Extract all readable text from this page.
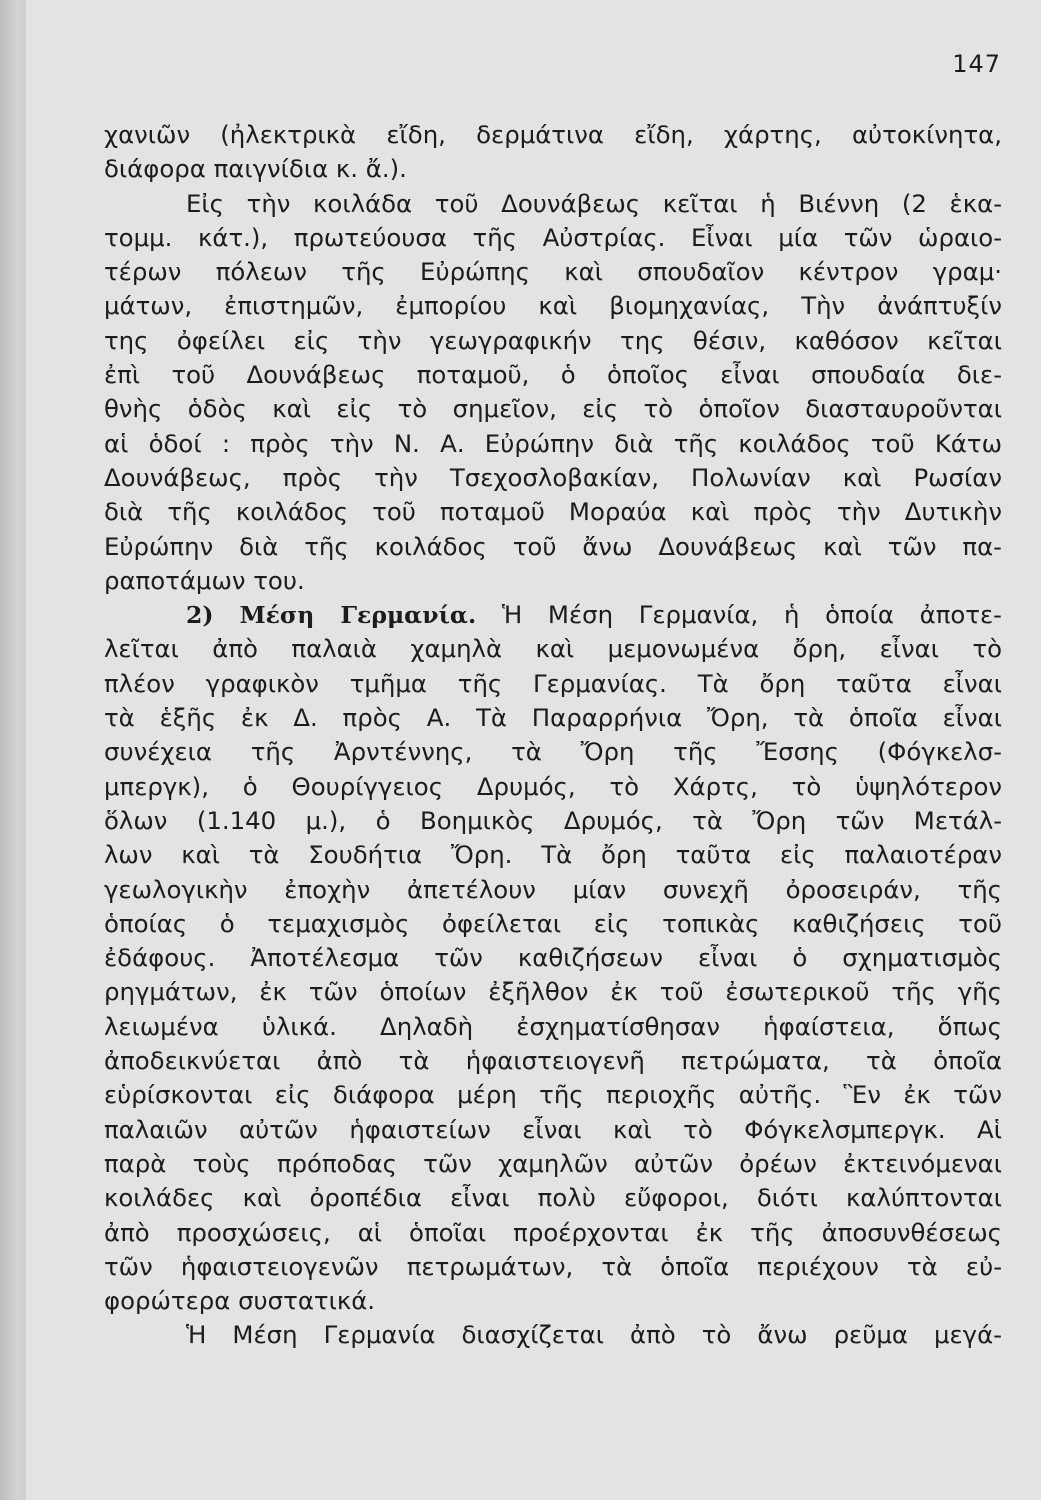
147
χανιῶν (ἠλεκτρικὰ εἴδη, δερμάτινα εἴδη, χάρτης, αὐτοκίνητα,
διάφορα παιγνίδια κ. ἄ.).
Εἰς τὴν κοιλάδα τοῦ Δουνάβεως κεῖται ἡ Βιέννη (2 ἑκα-
τομμ. κάτ.), πρωτεύουσα τῆς Αὐστρίας. Εἶναι μία τῶν ὡραιο-
τέρων πόλεων τῆς Εὐρώπης καὶ σπουδαῖον κέντρον γραμ·
μάτων, ἐπιστημῶν, ἐμπορίου καὶ βιομηχανίας, Τὴν ἀνάπτυξίν
της ὀφείλει εἰς τὴν γεωγραφικήν της θέσιν, καθόσον κεῖται
ἐπὶ τοῦ Δουνάβεως ποταμοῦ, ὁ ὁποῖος εἶναι σπουδαία διε-
θνὴς ὁδὸς καὶ εἰς τὸ σημεῖον, εἰς τὸ ὁποῖον διασταυροῦνται
αἱ ὁδοί : πρὸς τὴν Ν. Α. Εὐρώπην διὰ τῆς κοιλάδος τοῦ Κάτω
Δουνάβεως, πρὸς τὴν Τσεχοσλοβακίαν, Πολωνίαν καὶ Ρωσίαν
διὰ τῆς κοιλάδος τοῦ ποταμοῦ Μοραύα καὶ πρὸς τὴν Δυτικὴν
Εὐρώπην διὰ τῆς κοιλάδος τοῦ ἄνω Δουνάβεως καὶ τῶν πα-
ραποτάμων του.
2) Μέση Γερμανία. Ἡ Μέση Γερμανία, ἡ ὁποία ἀποτε-
λεῖται ἀπὸ παλαιὰ χαμηλὰ καὶ μεμονωμένα ὄρη, εἶναι τὸ
πλέον γραφικὸν τμῆμα τῆς Γερμανίας. Τὰ ὄρη ταῦτα εἶναι
τὰ ἑξῆς ἐκ Δ. πρὸς Α. Τὰ Παραρρήνια Ὄρη, τὰ ὁποῖα εἶναι
συνέχεια τῆς Ἀρντέννης, τὰ Ὄρη τῆς Ἔσσης (Φόγκελσ-
μπεργκ), ὁ Θουρίγγειος Δρυμός, τὸ Χάρτς, τὸ ὑψηλότερον
ὅλων (1.140 μ.), ὁ Βοημικὸς Δρυμός, τὰ Ὄρη τῶν Μετάλ-
λων καὶ τὰ Σουδήτια Ὄρη. Τὰ ὄρη ταῦτα εἰς παλαιοτέραν
γεωλογικὴν ἐποχὴν ἀπετέλουν μίαν συνεχῆ ὀροσειράν, τῆς
ὁποίας ὁ τεμαχισμὸς ὀφείλεται εἰς τοπικὰς καθιζήσεις τοῦ
ἐδάφους. Ἀποτέλεσμα τῶν καθιζήσεων εἶναι ὁ σχηματισμὸς
ρηγμάτων, ἐκ τῶν ὁποίων ἐξῆλθον ἐκ τοῦ ἐσωτερικοῦ τῆς γῆς
λειωμένα ὑλικά. Δηλαδὴ ἐσχηματίσθησαν ἡφαίστεια, ὅπως
ἀποδεικνύεται ἀπὸ τὰ ἡφαιστειογενῆ πετρώματα, τὰ ὁποῖα
εὑρίσκονται εἰς διάφορα μέρη τῆς περιοχῆς αὐτῆς. Ἓν ἐκ τῶν
παλαιῶν αὐτῶν ἡφαιστείων εἶναι καὶ τὸ Φόγκελσμπεργκ. Αἱ
παρὰ τοὺς πρόποδας τῶν χαμηλῶν αὐτῶν ὀρέων ἐκτεινόμεναι
κοιλάδες καὶ ὀροπέδια εἶναι πολὺ εὔφοροι, διότι καλύπτονται
ἀπὸ προσχώσεις, αἱ ὁποῖαι προέρχονται ἐκ τῆς ἀποσυνθέσεως
τῶν ἡφαιστειογενῶν πετρωμάτων, τὰ ὁποῖα περιέχουν τὰ εὐ-
φορώτερα συστατικά.
Ἡ Μέση Γερμανία διασχίζεται ἀπὸ τὸ ἄνω ρεῦμα μεγά-
